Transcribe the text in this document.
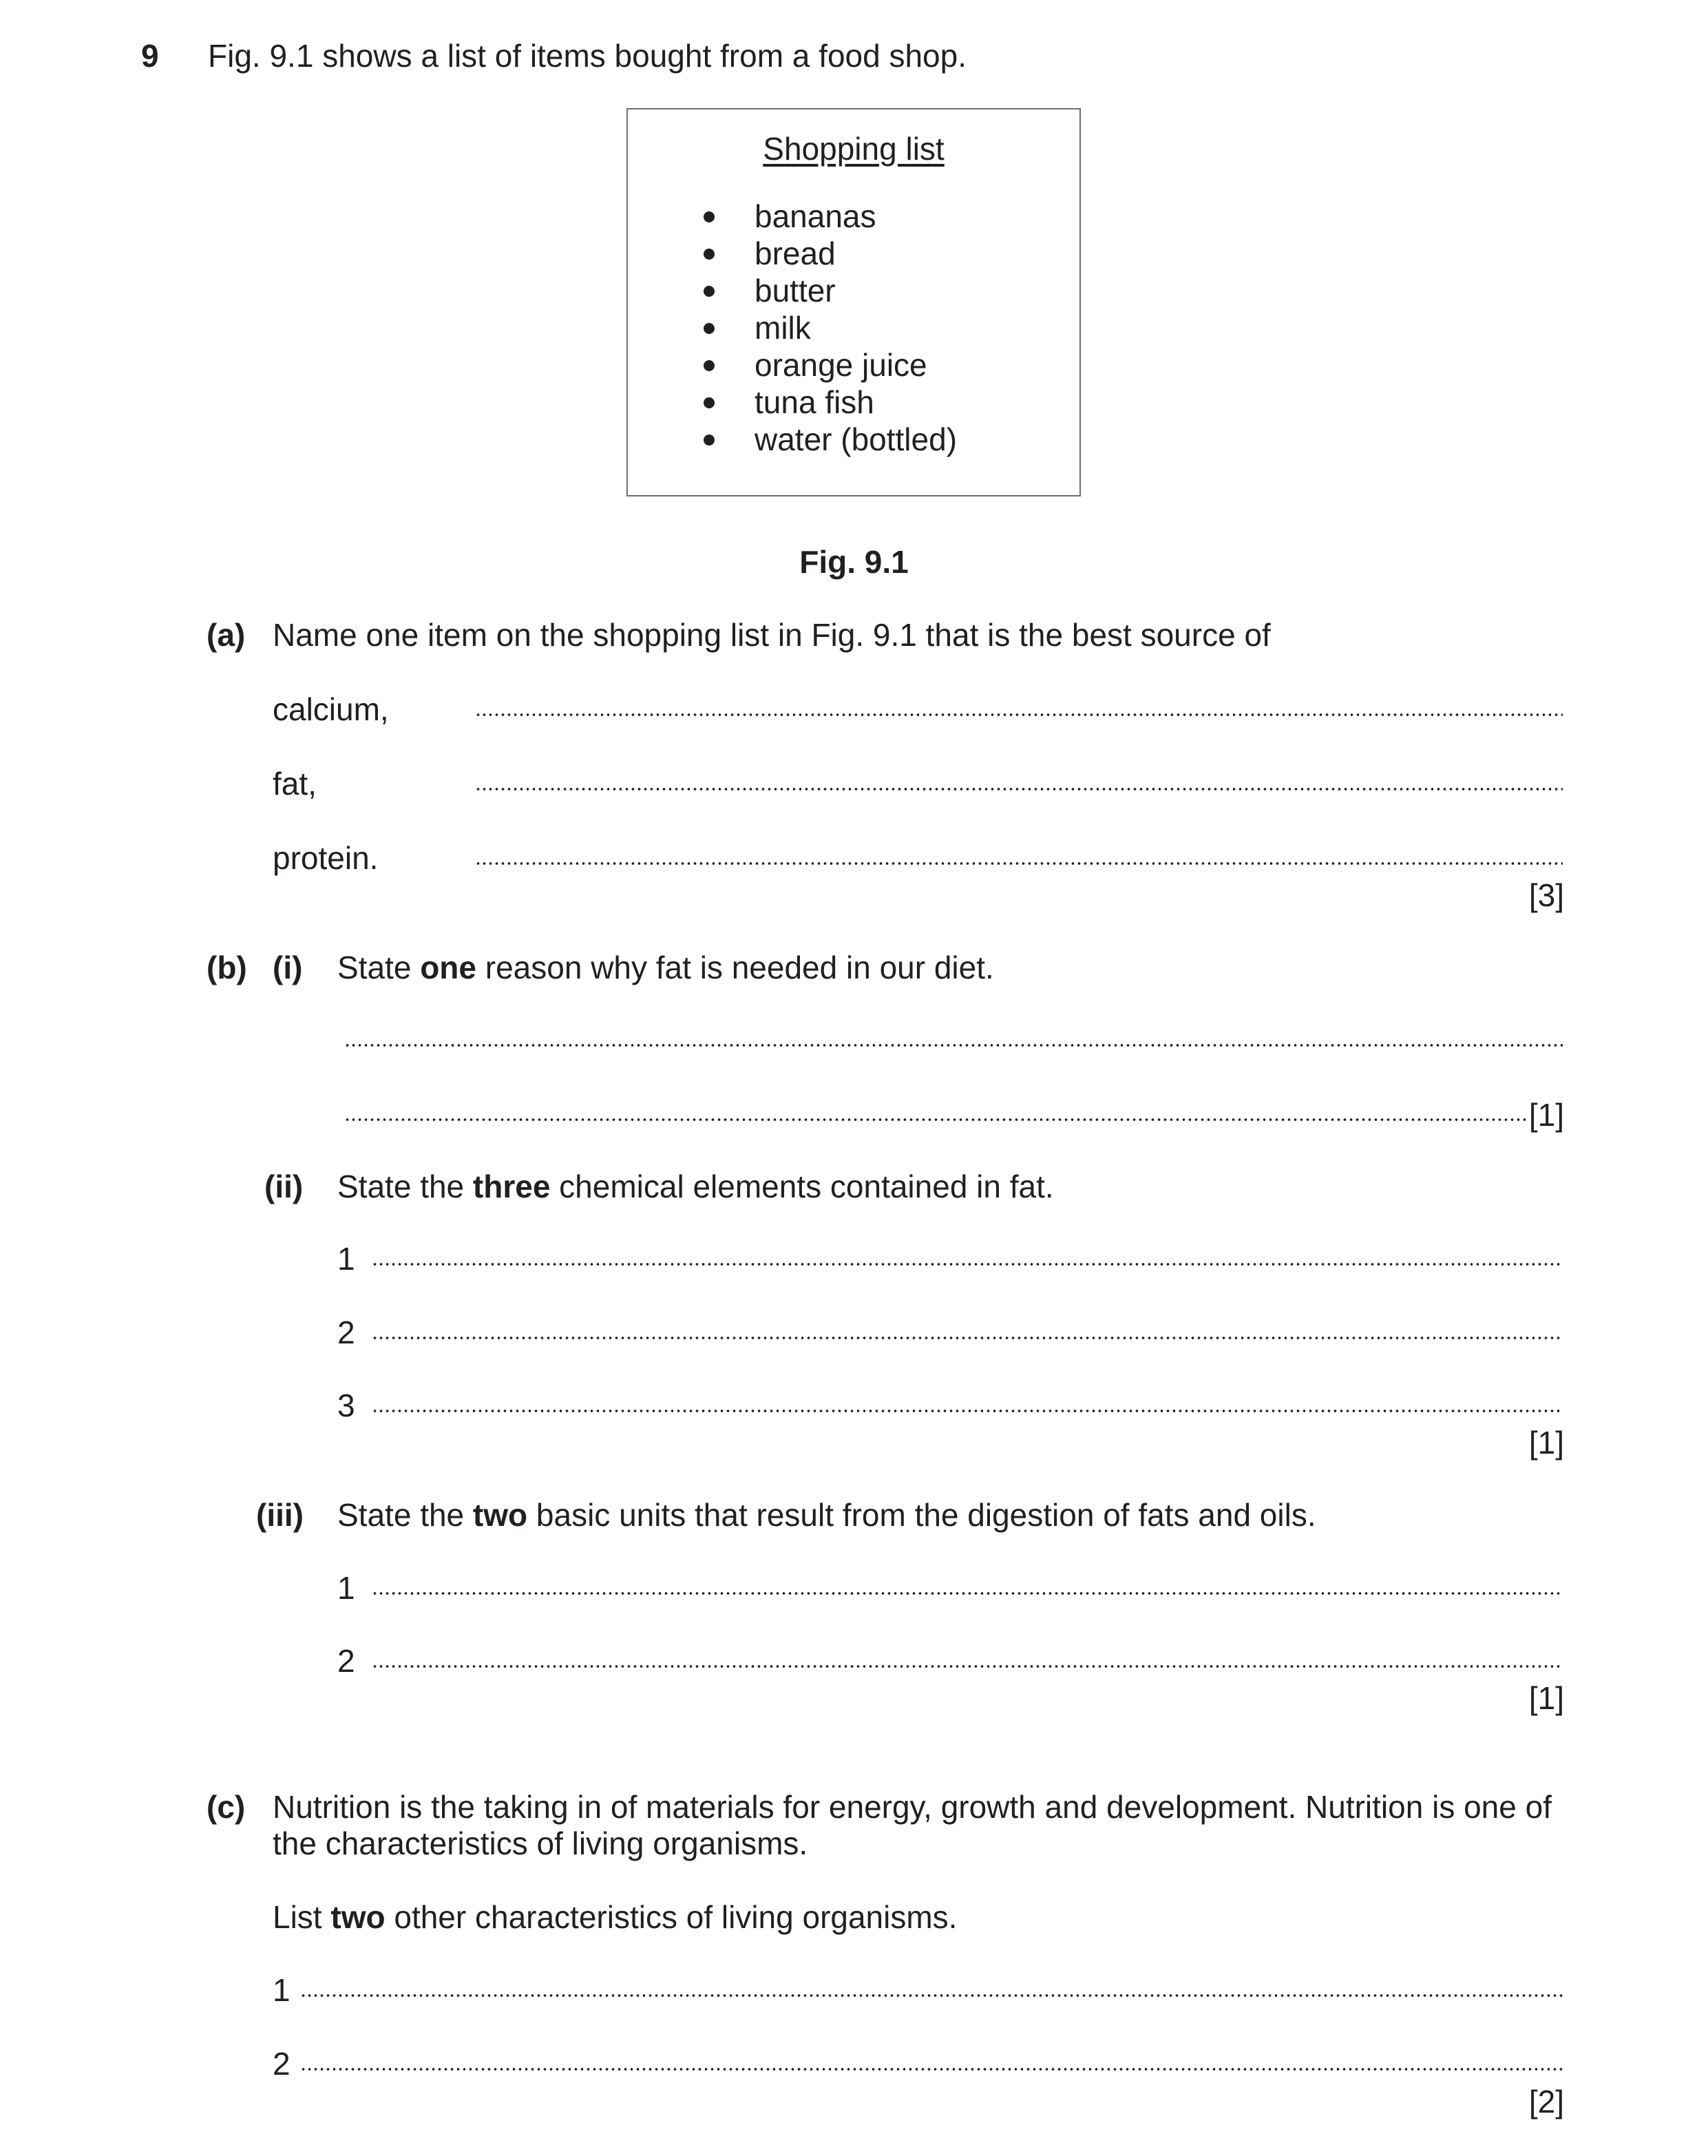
9 Fig. 9.1 shows a list of items bought from a food shop.
Shopping list
bananas
bread
butter
milk
orange juice
tuna fish
water (bottled)
Fig. 9.1
(a) Name one item on the shopping list in Fig. 9.1 that is the best source of
calcium,
fat,
protein.
[3]
(b) (i) State one reason why fat is needed in our diet.
[1]
(ii) State the three chemical elements contained in fat.
1
2
3
[1]
(iii) State the two basic units that result from the digestion of fats and oils.
1
2
[1]
(c) Nutrition is the taking in of materials for energy, growth and development. Nutrition is one of
the characteristics of living organisms.
List two other characteristics of living organisms.
1
2
[2]
